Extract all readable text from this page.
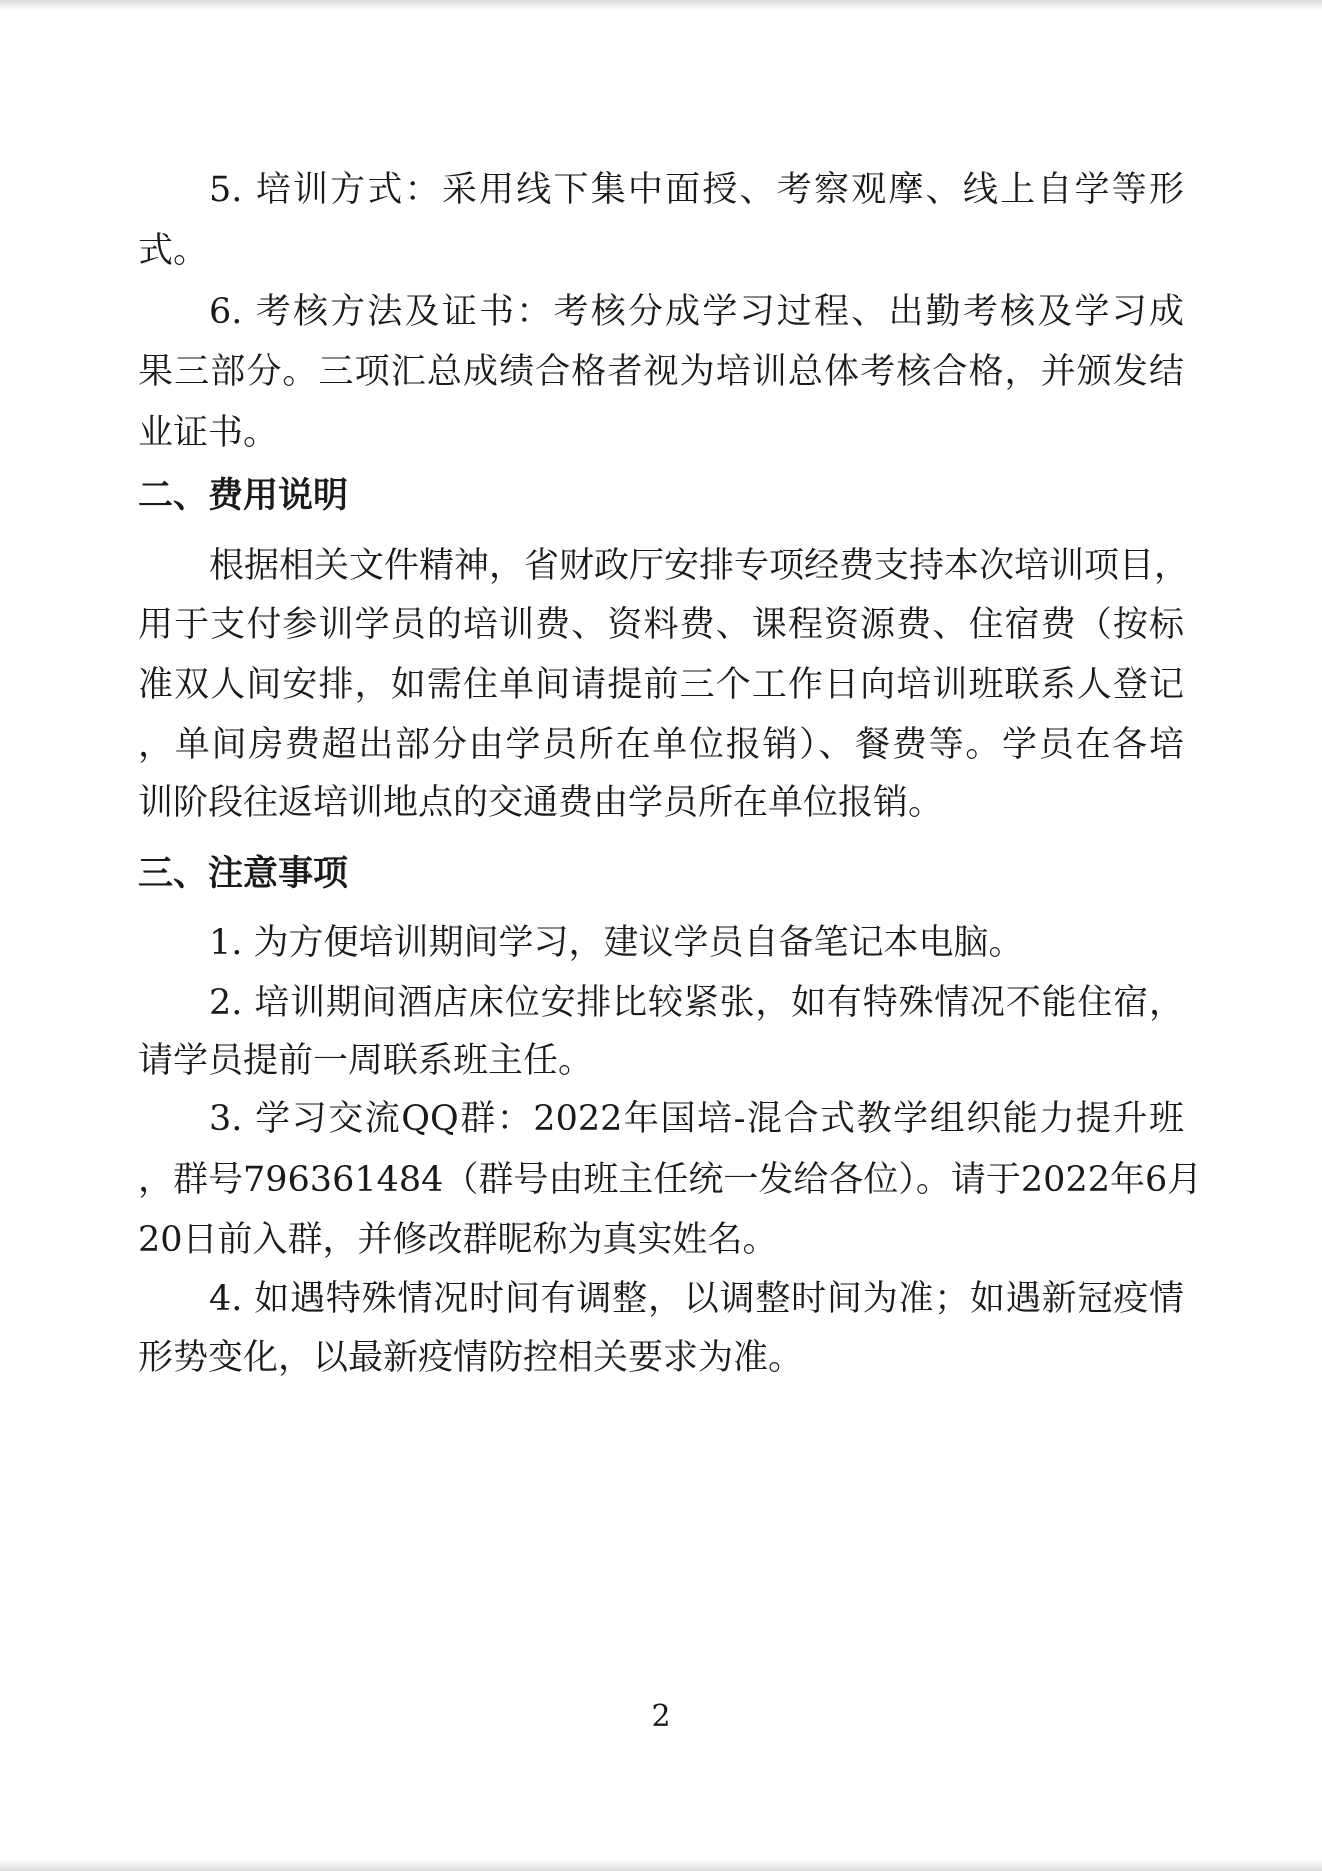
5. 培训方式：采用线下集中面授、考察观摩、线上自学等形
式。
6. 考核方法及证书：考核分成学习过程、出勤考核及学习成
果三部分。三项汇总成绩合格者视为培训总体考核合格，并颁发结
业证书。
二、费用说明
根据相关文件精神，省财政厅安排专项经费支持本次培训项目，
用于支付参训学员的培训费、资料费、课程资源费、住宿费（按标
准双人间安排，如需住单间请提前三个工作日向培训班联系人登记
，单间房费超出部分由学员所在单位报销）、餐费等。学员在各培
训阶段往返培训地点的交通费由学员所在单位报销。
三、注意事项
1. 为方便培训期间学习，建议学员自备笔记本电脑。
2. 培训期间酒店床位安排比较紧张，如有特殊情况不能住宿，
请学员提前一周联系班主任。
3. 学习交流QQ群：2022年国培-混合式教学组织能力提升班
，群号796361484（群号由班主任统一发给各位）。请于2022年6月
20日前入群，并修改群昵称为真实姓名。
4. 如遇特殊情况时间有调整，以调整时间为准；如遇新冠疫情
形势变化，以最新疫情防控相关要求为准。
2
